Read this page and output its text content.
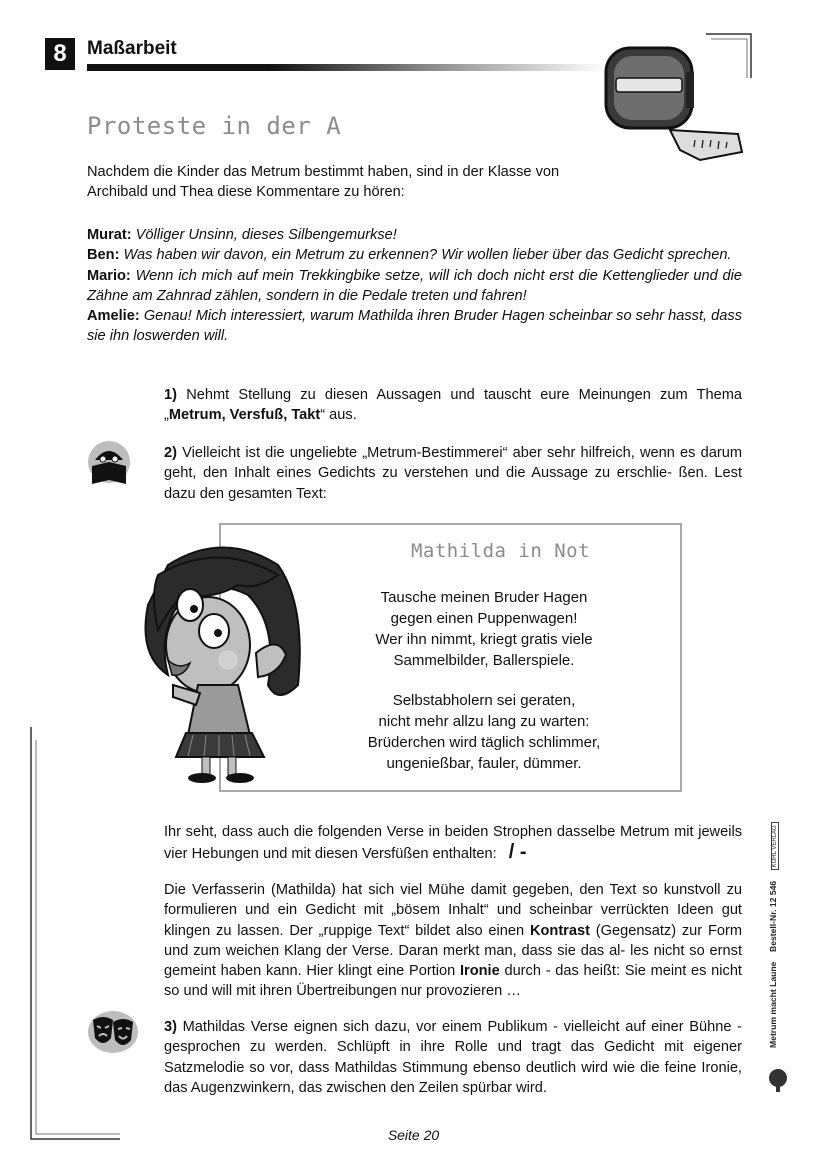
8	Maßarbeit
Proteste in der A
Nachdem die Kinder das Metrum bestimmt haben, sind in der Klasse von
Archibald und Thea diese Kommentare zu hören:

Murat: Völliger Unsinn, dieses Silbengemurkse!

Ben: Was haben wir davon, ein Metrum zu erkennen? Wir wollen lieber über das Gedicht sprechen.

Mario: Wenn ich mich auf mein Trekkingbike setze, will ich doch nicht erst die Kettenglieder und die Zähne am Zahnrad zählen, sondern in die Pedale treten und fahren!

Amelie: Genau! Mich interessiert, warum Mathilda ihren Bruder Hagen scheinbar so sehr hasst, dass sie ihn loswerden will.

1) Nehmt Stellung zu diesen Aussagen und tauscht eure Meinungen zum Thema „Metrum, Versfuß, Takt“ aus.
2) Vielleicht ist die ungeliebte „Metrum-Bestimmerei“ aber sehr hilfreich, wenn es darum geht, den Inhalt eines Gedichts zu verstehen und die Aussage zu erschlie- ßen. Lest dazu den gesamten Text:
Mathilda in Not
Tausche meinen Bruder Hagen
gegen einen Puppenwagen!
Wer ihn nimmt, kriegt gratis viele
Sammelbilder, Ballerspiele.
Selbstabholern sei geraten,
nicht mehr allzu lang zu warten:
Brüderchen wird täglich schlimmer,
ungenießbar, fauler, dümmer.
Ihr seht, dass auch die folgenden Verse in beiden Strophen dasselbe Metrum mit jeweils vier Hebungen und mit diesen Versfüßen enthalten: / -
Die Verfasserin (Mathilda) hat sich viel Mühe damit gegeben, den Text so kunstvoll zu formulieren und ein Gedicht mit „bösem Inhalt“ und scheinbar verrückten Ideen gut klingen zu lassen. Der „ruppige Text“ bildet also einen Kontrast (Gegensatz) zur Form und zum weichen Klang der Verse. Daran merkt man, dass sie das al- les nicht so ernst gemeint haben kann. Hier klingt eine Portion Ironie durch - das heißt: Sie meint es nicht so und will mit ihren Übertreibungen nur provozieren …
3) Mathildas Verse eignen sich dazu, vor einem Publikum - vielleicht auf einer Bühne - gesprochen zu werden. Schlüpft in ihre Rolle und tragt das Gedicht mit eigener Satzmelodie so vor, dass Mathildas Stimmung ebenso deutlich wird wie die feine Ironie, das Augenzwinkern, das zwischen den Zeilen spürbar wird.
Metrum macht Laune    Bestell-Nr. 12 546 KOHL VERLAG
Seite 20
